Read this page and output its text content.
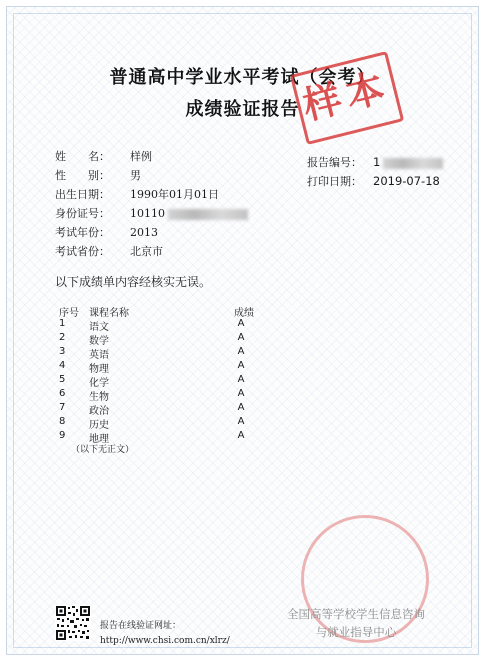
普通高中学业水平考试（会考）
成绩验证报告
样本
姓　　名： 样例
性　　别： 男
出生日期： 1990年01月01日
身份证号： 10110
考试年份： 2013
考试省份： 北京市
报告编号： 1
打印日期： 2019-07-18
以下成绩单内容经核实无误。
序号 课程名称	成绩
1 语文	A
2 数学	A
3 英语	A
4 物理	A
5 化学	A
6 生物	A
7 政治	A
8 历史	A
9 地理	A
（以下无正文）
全国高等学校学生信息咨询
与就业指导中心
报告在线验证网址：
http://www.chsi.com.cn/xlrz/
